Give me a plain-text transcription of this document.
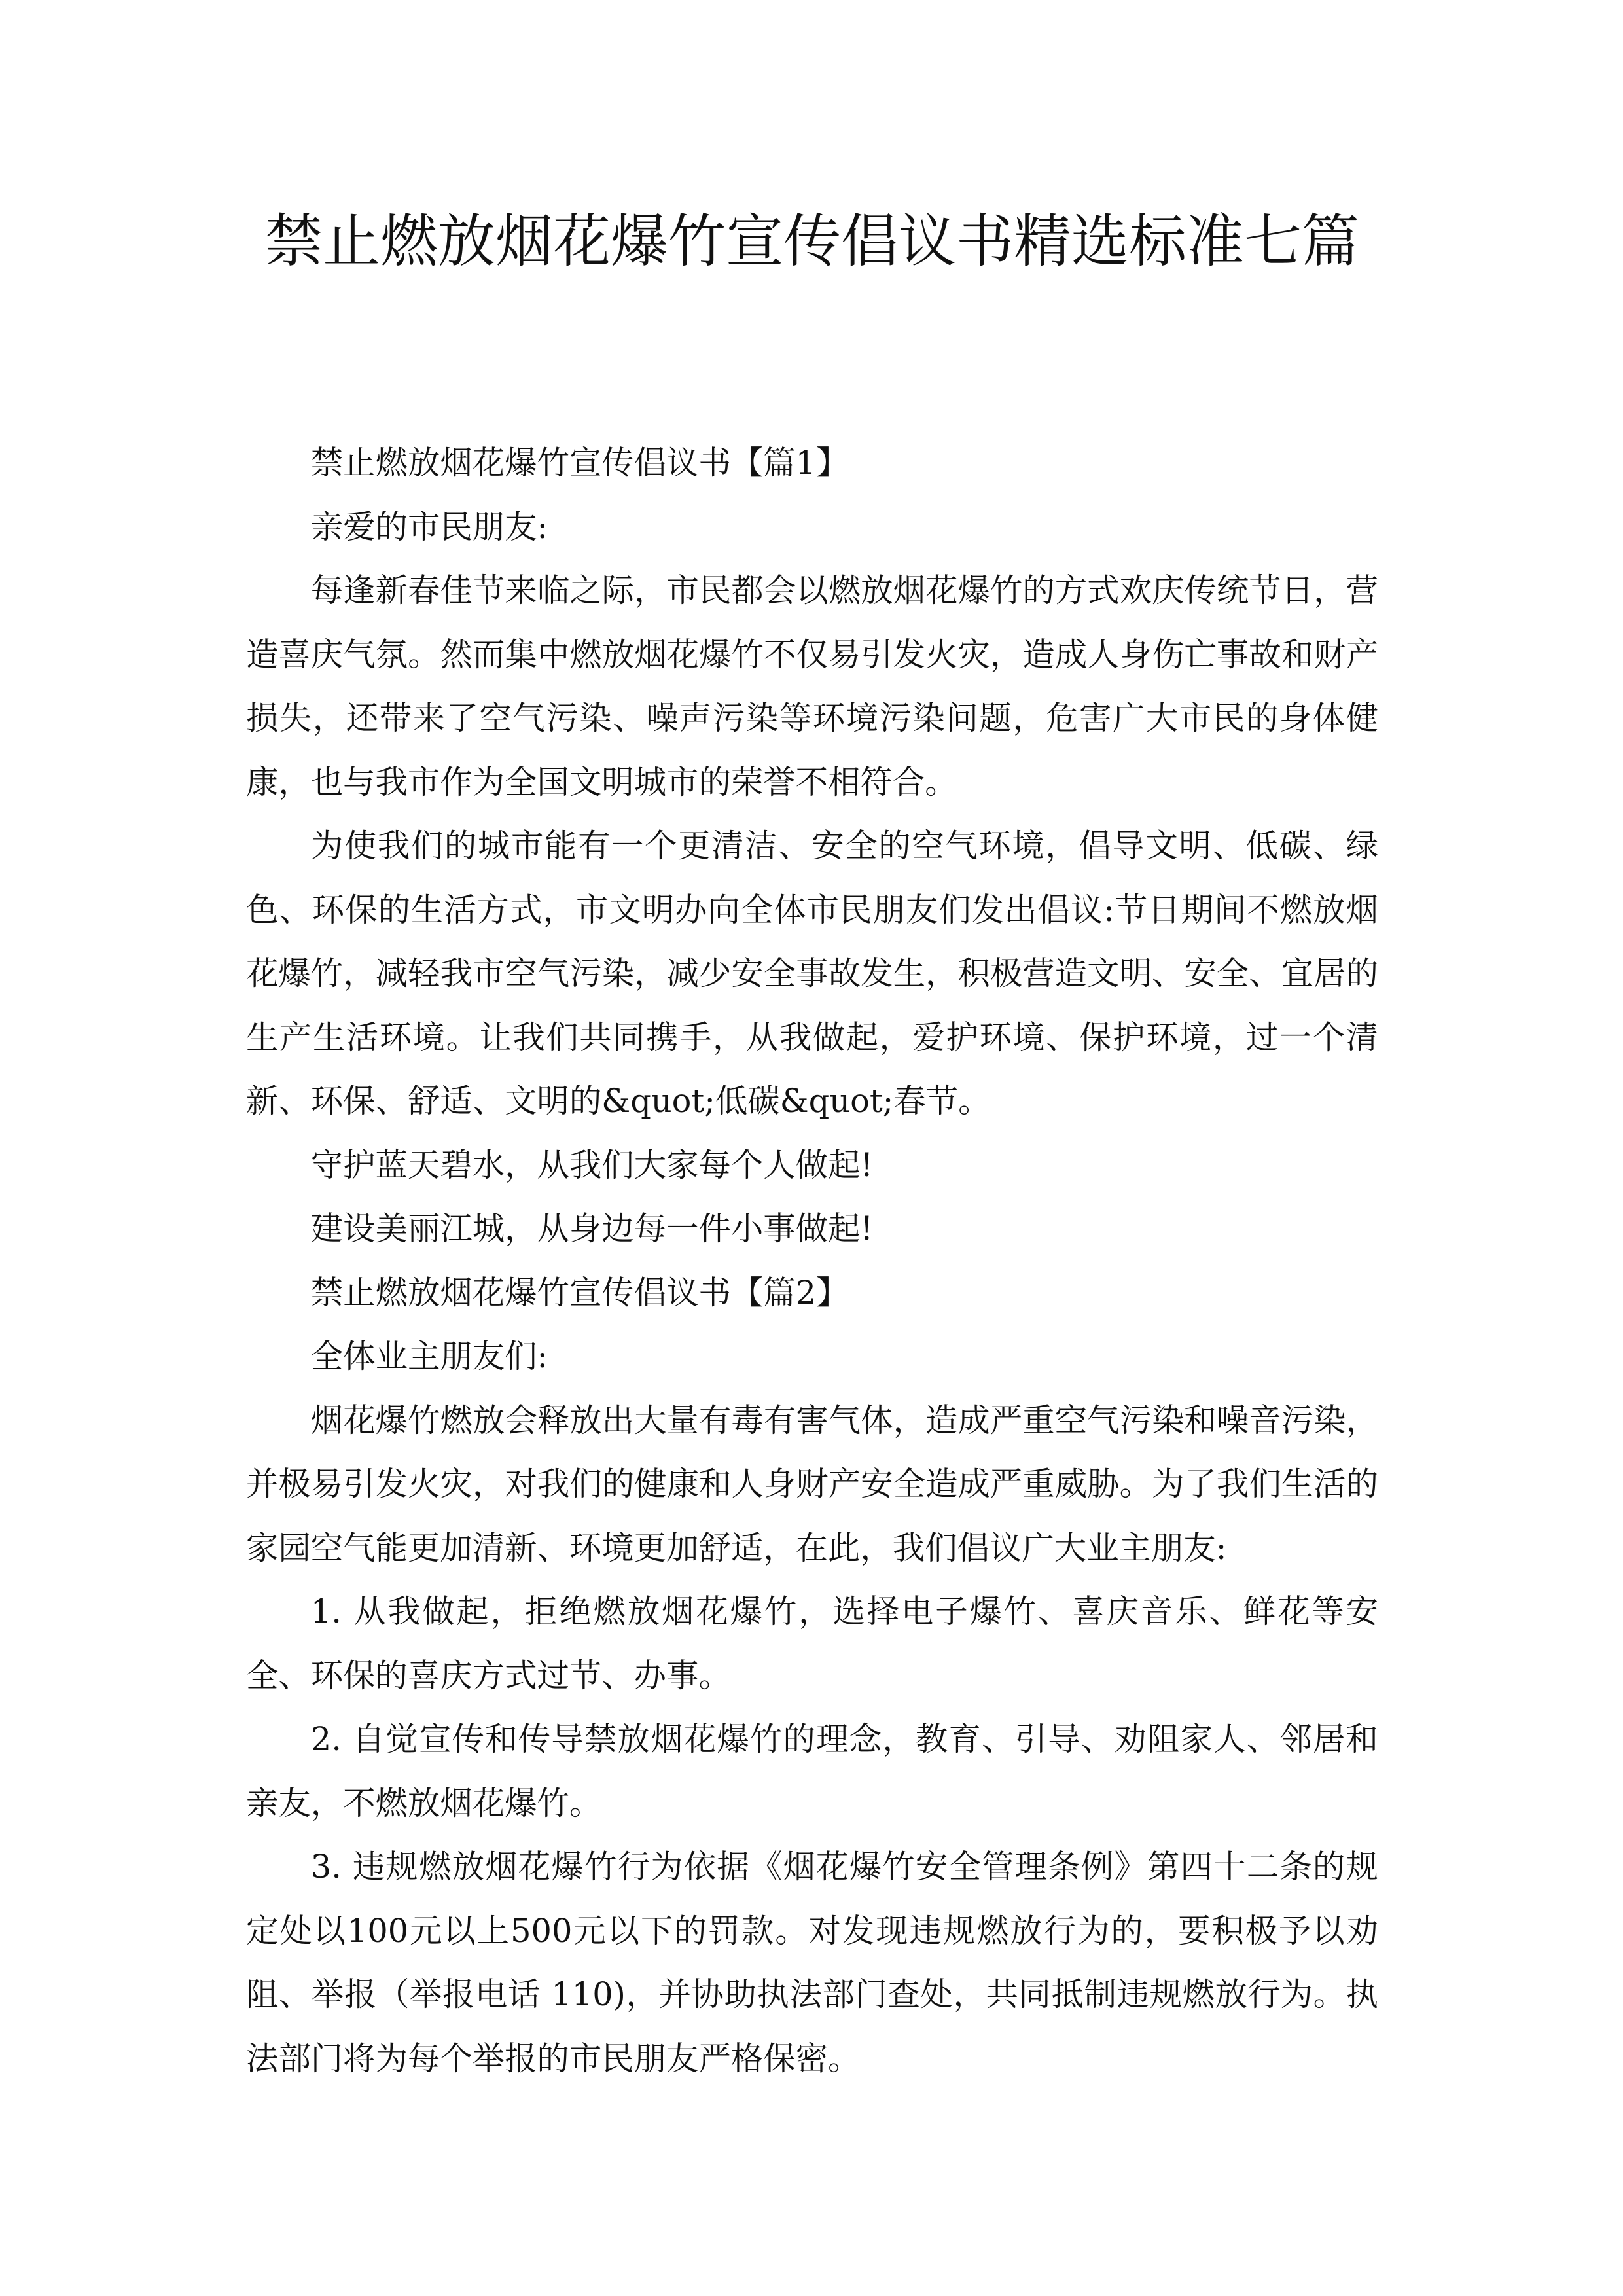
禁止燃放烟花爆竹宣传倡议书精选标准七篇

禁止燃放烟花爆竹宣传倡议书【篇1】

亲爱的市民朋友:

每逢新春佳节来临之际，市民都会以燃放烟花爆竹的方式欢庆传统节日，营造喜庆气氛。然而集中燃放烟花爆竹不仅易引发火灾，造成人身伤亡事故和财产损失，还带来了空气污染、噪声污染等环境污染问题，危害广大市民的身体健康，也与我市作为全国文明城市的荣誉不相符合。

为使我们的城市能有一个更清洁、安全的空气环境，倡导文明、低碳、绿色、环保的生活方式，市文明办向全体市民朋友们发出倡议:节日期间不燃放烟花爆竹，减轻我市空气污染，减少安全事故发生，积极营造文明、安全、宜居的生产生活环境。让我们共同携手，从我做起，爱护环境、保护环境，过一个清新、环保、舒适、文明的&quot;低碳&quot;春节。

守护蓝天碧水，从我们大家每个人做起!

建设美丽江城，从身边每一件小事做起!

禁止燃放烟花爆竹宣传倡议书【篇2】

全体业主朋友们:

烟花爆竹燃放会释放出大量有毒有害气体，造成严重空气污染和噪音污染，并极易引发火灾，对我们的健康和人身财产安全造成严重威胁。为了我们生活的家园空气能更加清新、环境更加舒适，在此，我们倡议广大业主朋友:

1. 从我做起，拒绝燃放烟花爆竹，选择电子爆竹、喜庆音乐、鲜花等安全、环保的喜庆方式过节、办事。

2. 自觉宣传和传导禁放烟花爆竹的理念，教育、引导、劝阻家人、邻居和亲友，不燃放烟花爆竹。

3. 违规燃放烟花爆竹行为依据《烟花爆竹安全管理条例》第四十二条的规定处以100元以上500元以下的罚款。对发现违规燃放行为的，要积极予以劝阻、举报（举报电话 110)，并协助执法部门查处，共同抵制违规燃放行为。执法部门将为每个举报的市民朋友严格保密。
